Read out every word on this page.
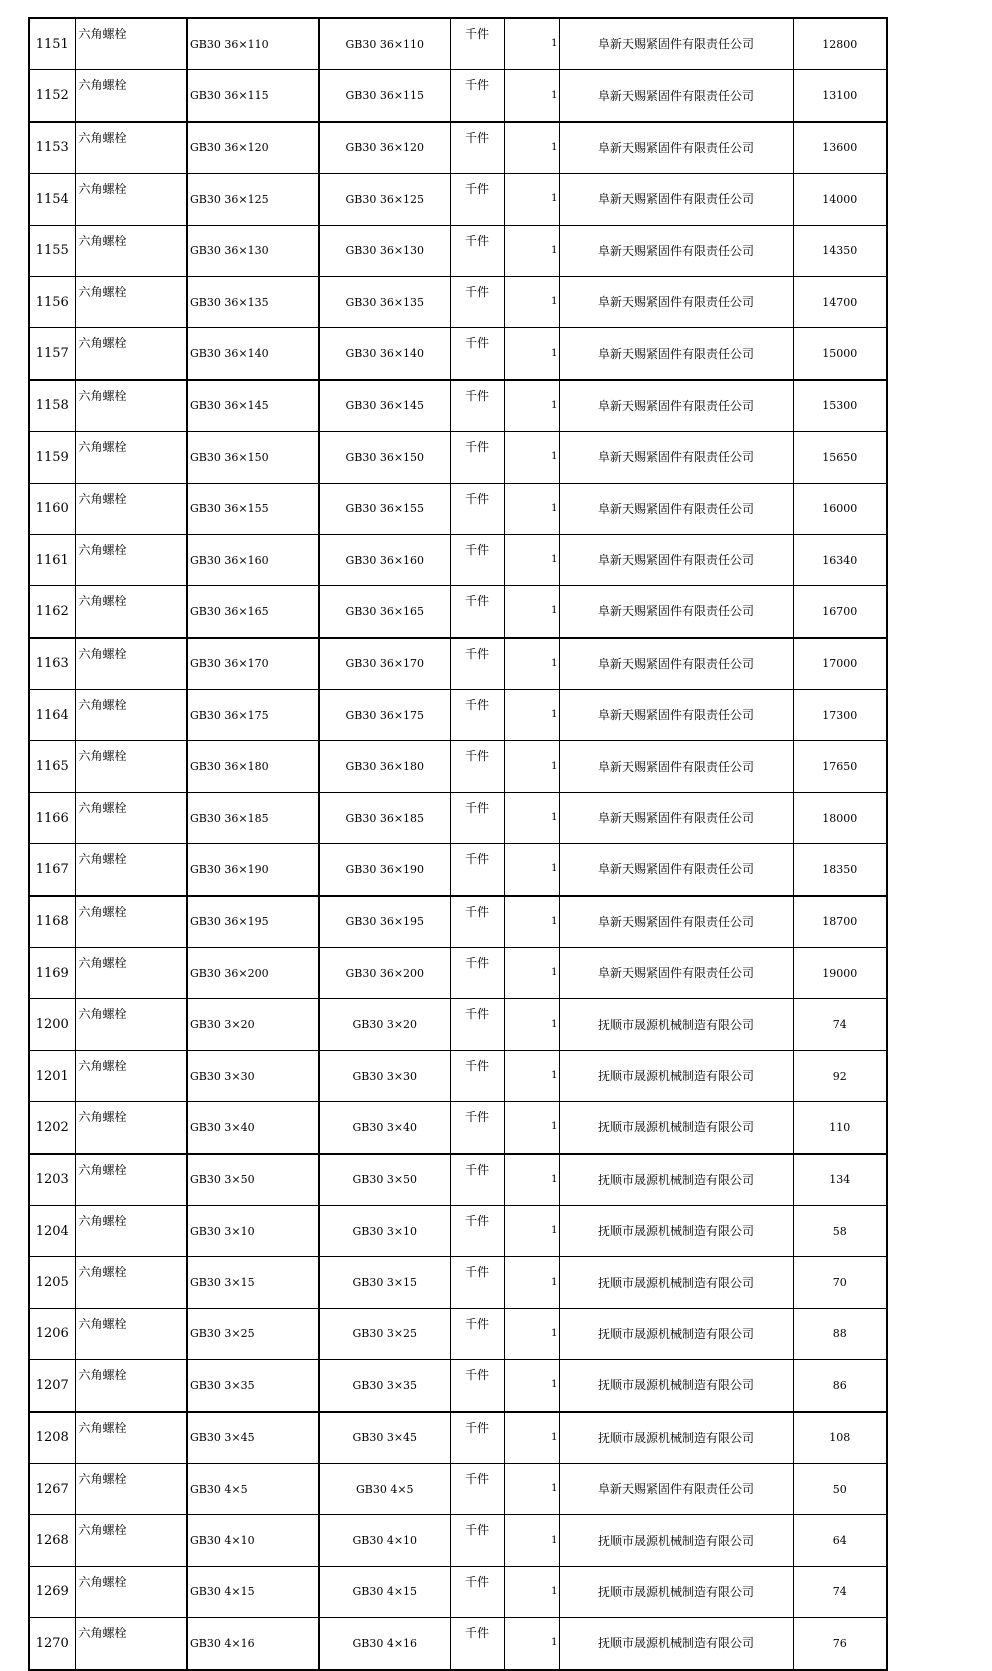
1151	六角螺栓	GB30 36×110	GB30 36×110	千件	1	阜新天赐紧固件有限责任公司	12800
1152	六角螺栓	GB30 36×115	GB30 36×115	千件	1	阜新天赐紧固件有限责任公司	13100
1153	六角螺栓	GB30 36×120	GB30 36×120	千件	1	阜新天赐紧固件有限责任公司	13600
1154	六角螺栓	GB30 36×125	GB30 36×125	千件	1	阜新天赐紧固件有限责任公司	14000
1155	六角螺栓	GB30 36×130	GB30 36×130	千件	1	阜新天赐紧固件有限责任公司	14350
1156	六角螺栓	GB30 36×135	GB30 36×135	千件	1	阜新天赐紧固件有限责任公司	14700
1157	六角螺栓	GB30 36×140	GB30 36×140	千件	1	阜新天赐紧固件有限责任公司	15000
1158	六角螺栓	GB30 36×145	GB30 36×145	千件	1	阜新天赐紧固件有限责任公司	15300
1159	六角螺栓	GB30 36×150	GB30 36×150	千件	1	阜新天赐紧固件有限责任公司	15650
1160	六角螺栓	GB30 36×155	GB30 36×155	千件	1	阜新天赐紧固件有限责任公司	16000
1161	六角螺栓	GB30 36×160	GB30 36×160	千件	1	阜新天赐紧固件有限责任公司	16340
1162	六角螺栓	GB30 36×165	GB30 36×165	千件	1	阜新天赐紧固件有限责任公司	16700
1163	六角螺栓	GB30 36×170	GB30 36×170	千件	1	阜新天赐紧固件有限责任公司	17000
1164	六角螺栓	GB30 36×175	GB30 36×175	千件	1	阜新天赐紧固件有限责任公司	17300
1165	六角螺栓	GB30 36×180	GB30 36×180	千件	1	阜新天赐紧固件有限责任公司	17650
1166	六角螺栓	GB30 36×185	GB30 36×185	千件	1	阜新天赐紧固件有限责任公司	18000
1167	六角螺栓	GB30 36×190	GB30 36×190	千件	1	阜新天赐紧固件有限责任公司	18350
1168	六角螺栓	GB30 36×195	GB30 36×195	千件	1	阜新天赐紧固件有限责任公司	18700
1169	六角螺栓	GB30 36×200	GB30 36×200	千件	1	阜新天赐紧固件有限责任公司	19000
1200	六角螺栓	GB30 3×20	GB30 3×20	千件	1	抚顺市晟源机械制造有限公司	74
1201	六角螺栓	GB30 3×30	GB30 3×30	千件	1	抚顺市晟源机械制造有限公司	92
1202	六角螺栓	GB30 3×40	GB30 3×40	千件	1	抚顺市晟源机械制造有限公司	110
1203	六角螺栓	GB30 3×50	GB30 3×50	千件	1	抚顺市晟源机械制造有限公司	134
1204	六角螺栓	GB30 3×10	GB30 3×10	千件	1	抚顺市晟源机械制造有限公司	58
1205	六角螺栓	GB30 3×15	GB30 3×15	千件	1	抚顺市晟源机械制造有限公司	70
1206	六角螺栓	GB30 3×25	GB30 3×25	千件	1	抚顺市晟源机械制造有限公司	88
1207	六角螺栓	GB30 3×35	GB30 3×35	千件	1	抚顺市晟源机械制造有限公司	86
1208	六角螺栓	GB30 3×45	GB30 3×45	千件	1	抚顺市晟源机械制造有限公司	108
1267	六角螺栓	GB30 4×5	GB30 4×5	千件	1	阜新天赐紧固件有限责任公司	50
1268	六角螺栓	GB30 4×10	GB30 4×10	千件	1	抚顺市晟源机械制造有限公司	64
1269	六角螺栓	GB30 4×15	GB30 4×15	千件	1	抚顺市晟源机械制造有限公司	74
1270	六角螺栓	GB30 4×16	GB30 4×16	千件	1	抚顺市晟源机械制造有限公司	76
